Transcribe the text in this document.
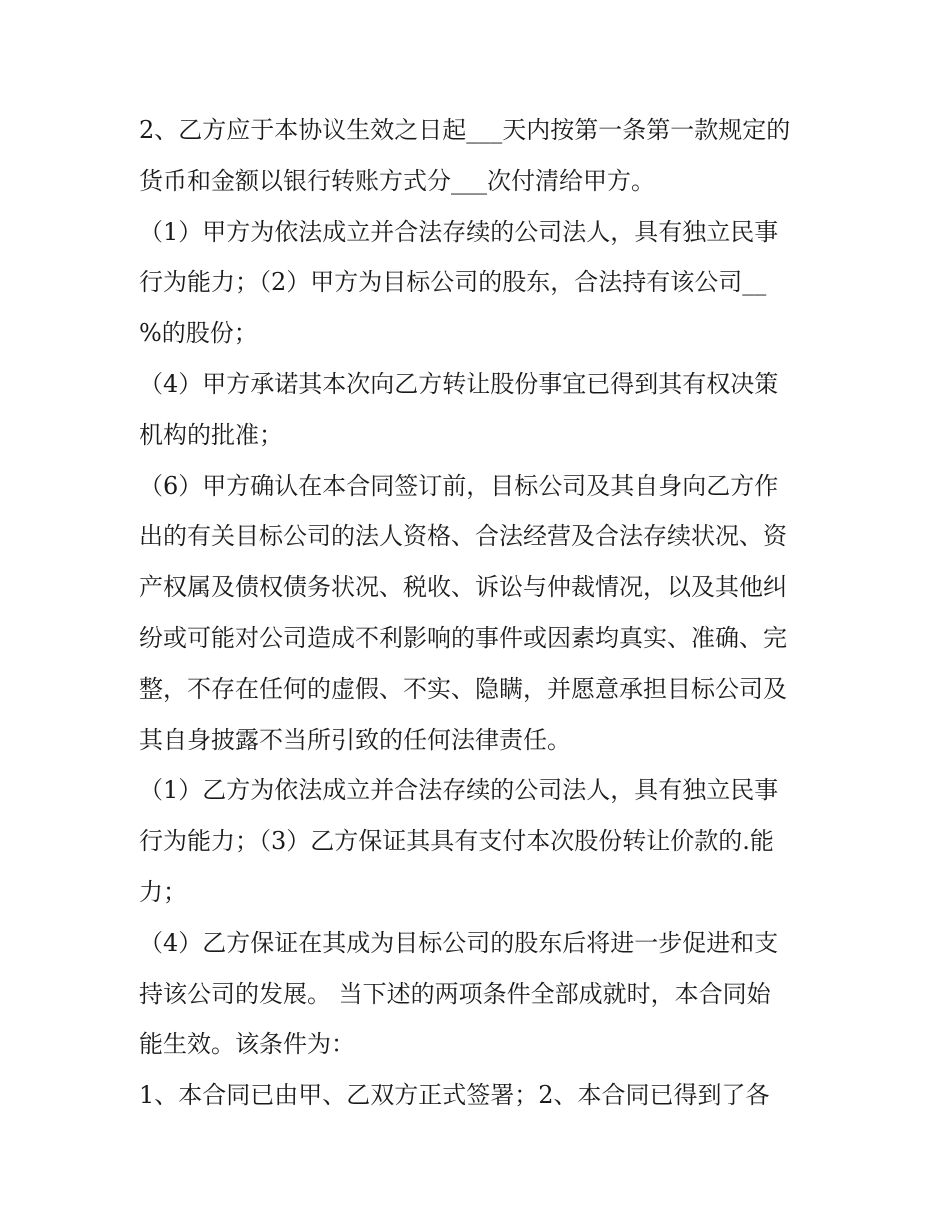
2、乙方应于本协议生效之日起___天内按第一条第一款规定的
货币和金额以银行转账方式分___次付清给甲方。
（1）甲方为依法成立并合法存续的公司法人，具有独立民事
行为能力；（2）甲方为目标公司的股东，合法持有该公司__
%的股份；
（4）甲方承诺其本次向乙方转让股份事宜已得到其有权决策
机构的批准；
（6）甲方确认在本合同签订前，目标公司及其自身向乙方作
出的有关目标公司的法人资格、合法经营及合法存续状况、资
产权属及债权债务状况、税收、诉讼与仲裁情况，以及其他纠
纷或可能对公司造成不利影响的事件或因素均真实、准确、完
整，不存在任何的虚假、不实、隐瞒，并愿意承担目标公司及
其自身披露不当所引致的任何法律责任。
（1）乙方为依法成立并合法存续的公司法人，具有独立民事
行为能力；（3）乙方保证其具有支付本次股份转让价款的.能
力；
（4）乙方保证在其成为目标公司的股东后将进一步促进和支
持该公司的发展。 当下述的两项条件全部成就时，本合同始
能生效。该条件为：
1、本合同已由甲、乙双方正式签署；2、本合同已得到了各
